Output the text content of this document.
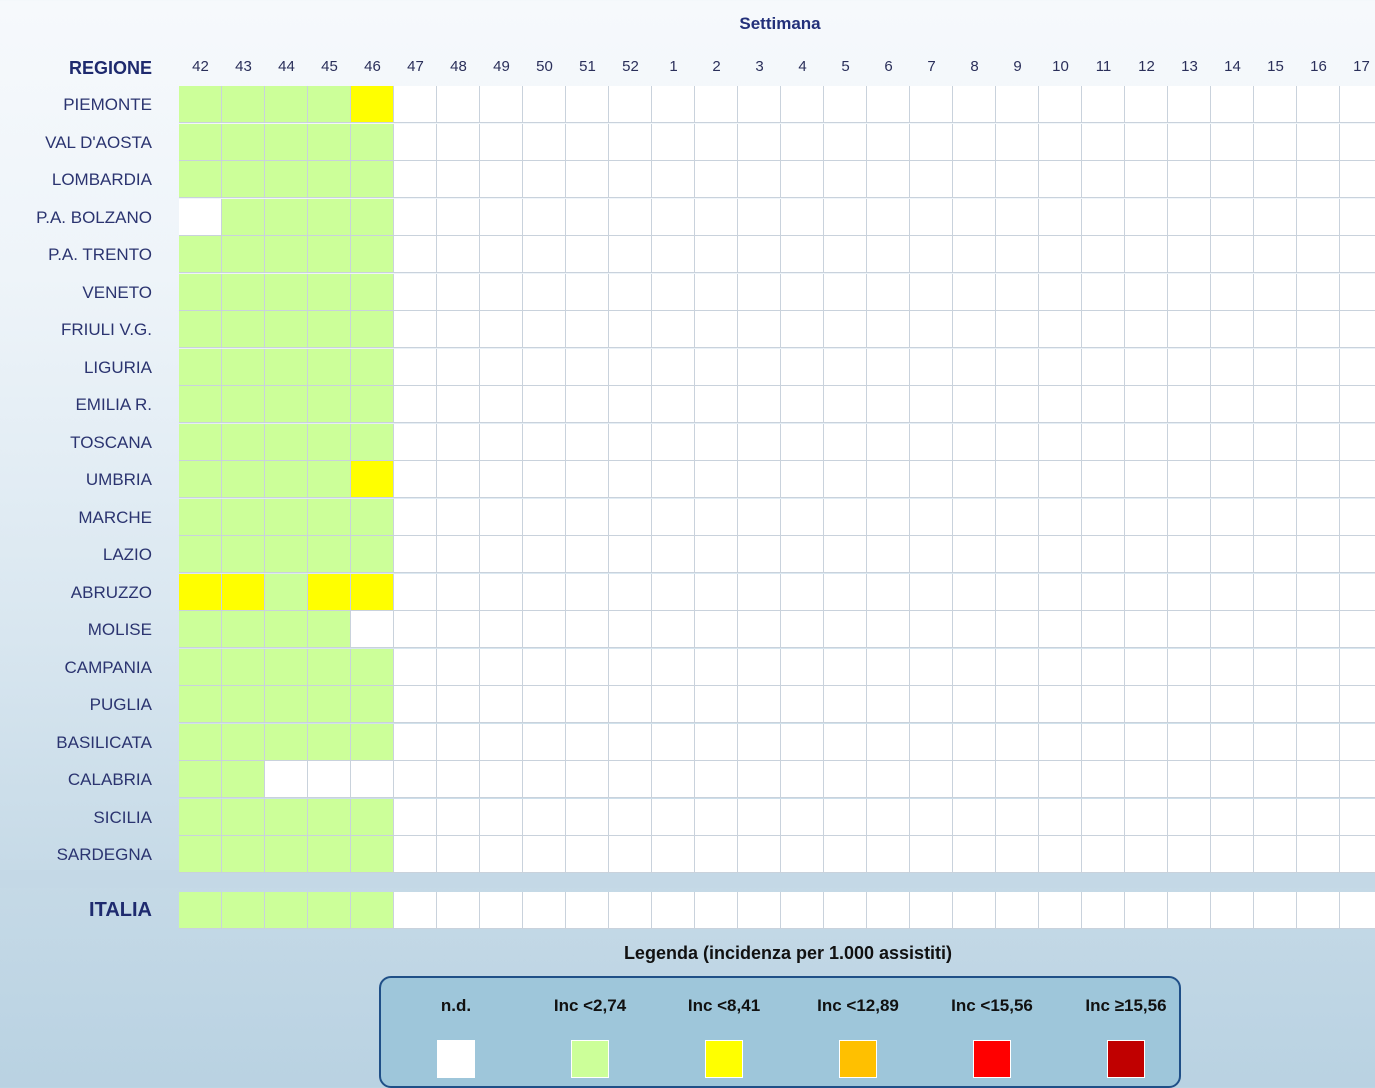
Settimana
REGIONE	42	43	44	45	46	47	48	49	50	51	52	1	2	3	4	5	6	7	8	9	10	11	12	13	14	15	16	17
PIEMONTE
VAL D'AOSTA
LOMBARDIA
P.A. BOLZANO
P.A. TRENTO
VENETO
FRIULI V.G.
LIGURIA
EMILIA R.
TOSCANA
UMBRIA
MARCHE
LAZIO
ABRUZZO
MOLISE
CAMPANIA
PUGLIA
BASILICATA
CALABRIA
SICILIA
SARDEGNA
ITALIA
Legenda (incidenza per 1.000 assistiti)
n.d.	Inc <2,74	Inc <8,41	Inc <12,89	Inc <15,56	Inc ≥15,56
